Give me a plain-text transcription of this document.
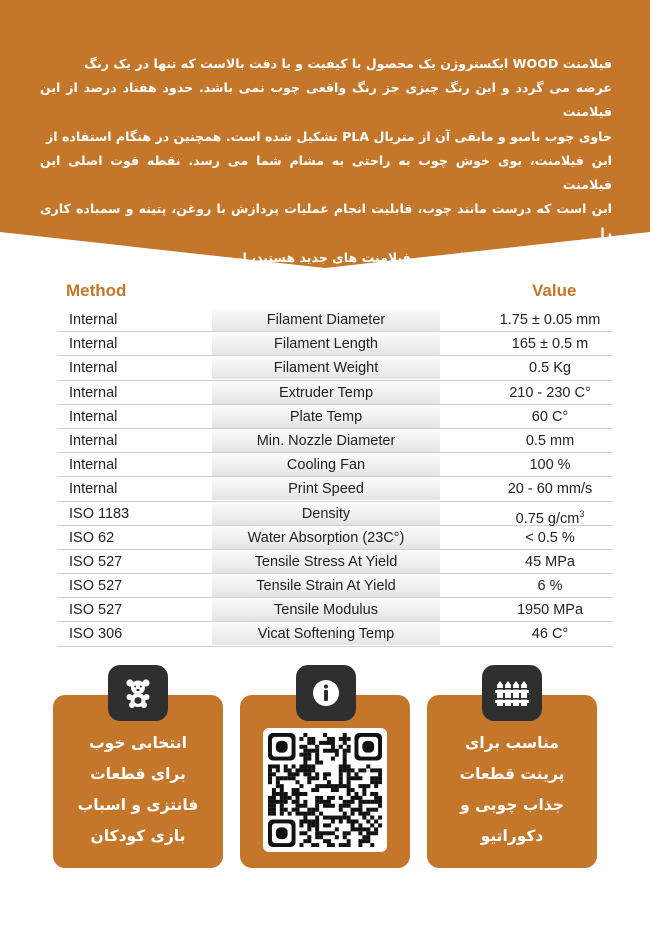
فیلامنت WOOD ایکستروژن یک محصول با کیفیت و با دقت بالاست که تنها در یک رنگ
عرضه می گردد و این رنگ چیزی جز رنگ واقعی چوب نمی باشد. حدود هفتاد درصد از این فیلامنت
حاوی چوب بامبو و مابقی آن از متریال PLA تشکیل شده است. همچنین در هنگام استفاده از
این فیلامنت، بوی خوش چوب به راحتی به مشام شما می رسد. نقطه قوت اصلی این فیلامنت
این است که درست مانند چوب، قابلیت انجام عملیات پردازش با روغن، پتینه و سمباده کاری را
دارد؛ بنابراین اگر به دنبال تجربه فیلامنت های جدید هستید، این محصول مختص شماست.
Method	Value
Internal	Filament Diameter	1.75 ± 0.05 mm
Internal	Filament Length	165 ± 0.5 m
Internal	Filament Weight	0.5 Kg
Internal	Extruder Temp	210 - 230 C°
Internal	Plate Temp	60 C°
Internal	Min. Nozzle Diameter	0.5 mm
Internal	Cooling Fan	100 %
Internal	Print Speed	20 - 60 mm/s
ISO 1183	Density	0.75 $g/cm^3$
ISO 62	Water Absorption (23C°)	< 0.5 %
ISO 527	Tensile Stress At Yield	45 MPa
ISO 527	Tensile Strain At Yield	6 %
ISO 527	Tensile Modulus	1950 MPa
ISO 306	Vicat Softening Temp	46 C°
انتخابی خوب
برای قطعات
فانتزی و اسباب
بازی کودکان
مناسب برای
پرینت قطعات
جذاب چوبی و
دکوراتیو
